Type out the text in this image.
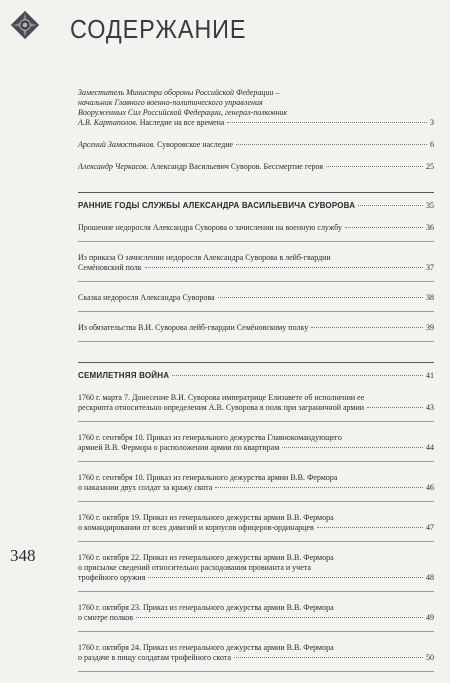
СОДЕРЖАНИЕ
Заместитель Министра обороны Российской Федерации –
начальник Главного военно-политического управления
Вооруженных Сил Российской Федерации, генерал-полковник
А.В. Картаполов. Наследие на все времена	3
Арсений Замостьянов. Суворовское наследие	6
Александр Черкасов. Александр Васильевич Суворов. Бессмертие героя	25
РАННИЕ ГОДЫ СЛУЖБЫ АЛЕКСАНДРА ВАСИЛЬЕВИЧА СУВОРОВА	35
Прошение недоросля Александра Суворова о зачислении на военную службу	36
Из приказа О зачислении недоросля Александра Суворова в лейб-гвардии
Семёновский полк	37
Сказка недоросля Александра Суворова	38
Из обязательства В.И. Суворова лейб-гвардии Семёновскому полку	39
СЕМИЛЕТНЯЯ ВОЙНА	41
1760 г. марта 7. Донесение В.И. Суворова императрице Елизавете об исполнении ее
рескрипта относительно определения А.В. Суворова в полк при заграничной армии	43
1760 г. сентября 10. Приказ из генерального дежурства Главнокомандующего
армией В.В. Фермора о расположении армии по квартирам	44
1760 г. сентября 10. Приказ из генерального дежурства армии В.В. Фермора
о наказании двух солдат за кражу скота	46
1760 г. октября 19. Приказ из генерального дежурства армии В.В. Фермора
о командировании от всех дивизий и корпусов офицеров-ординарцев	47
1760 г. октября 22. Приказ из генерального дежурства армии В.В. Фермора
о присылке сведений относительно расходования провианта и учета
трофейного оружия	48
1760 г. октября 23. Приказ из генерального дежурства армии В.В. Фермора
о смотре полков	49
1760 г. октября 24. Приказ из генерального дежурства армии В.В. Фермора
о раздаче в пищу солдатам трофейного скота	50
348
